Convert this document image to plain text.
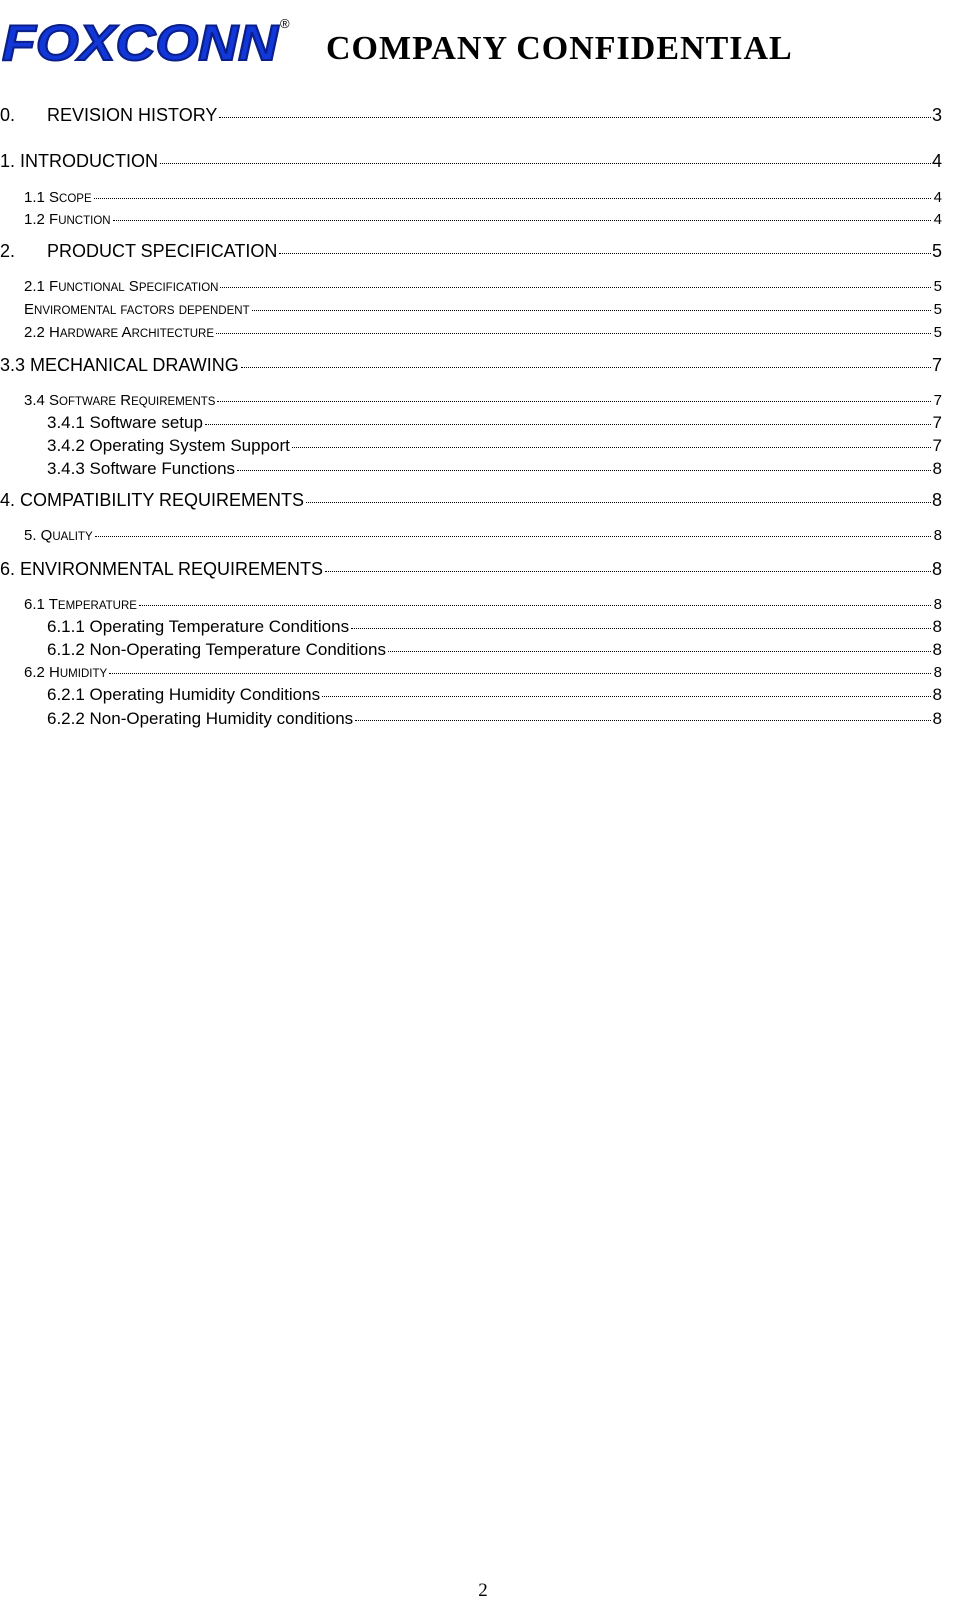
FOXCONN ®
COMPANY CONFIDENTIAL
0.	REVISION HISTORY	3
1. INTRODUCTION	4
1.1 SCOPE	4
1.2 FUNCTION	4
2.	PRODUCT SPECIFICATION	5
2.1 FUNCTIONAL SPECIFICATION	5
ENVIROMENTAL FACTORS DEPENDENT	5
2.2 HARDWARE ARCHITECTURE	5
3.3 MECHANICAL DRAWING	7
3.4 SOFTWARE REQUIREMENTS	7
3.4.1 Software setup	7
3.4.2 Operating System Support	7
3.4.3 Software Functions	8
4. COMPATIBILITY REQUIREMENTS	8
5. QUALITY	8
6. ENVIRONMENTAL REQUIREMENTS	8
6.1 TEMPERATURE	8
6.1.1 Operating Temperature Conditions	8
6.1.2 Non-Operating Temperature Conditions	8
6.2 HUMIDITY	8
6.2.1 Operating Humidity Conditions	8
6.2.2 Non-Operating Humidity conditions	8
2
